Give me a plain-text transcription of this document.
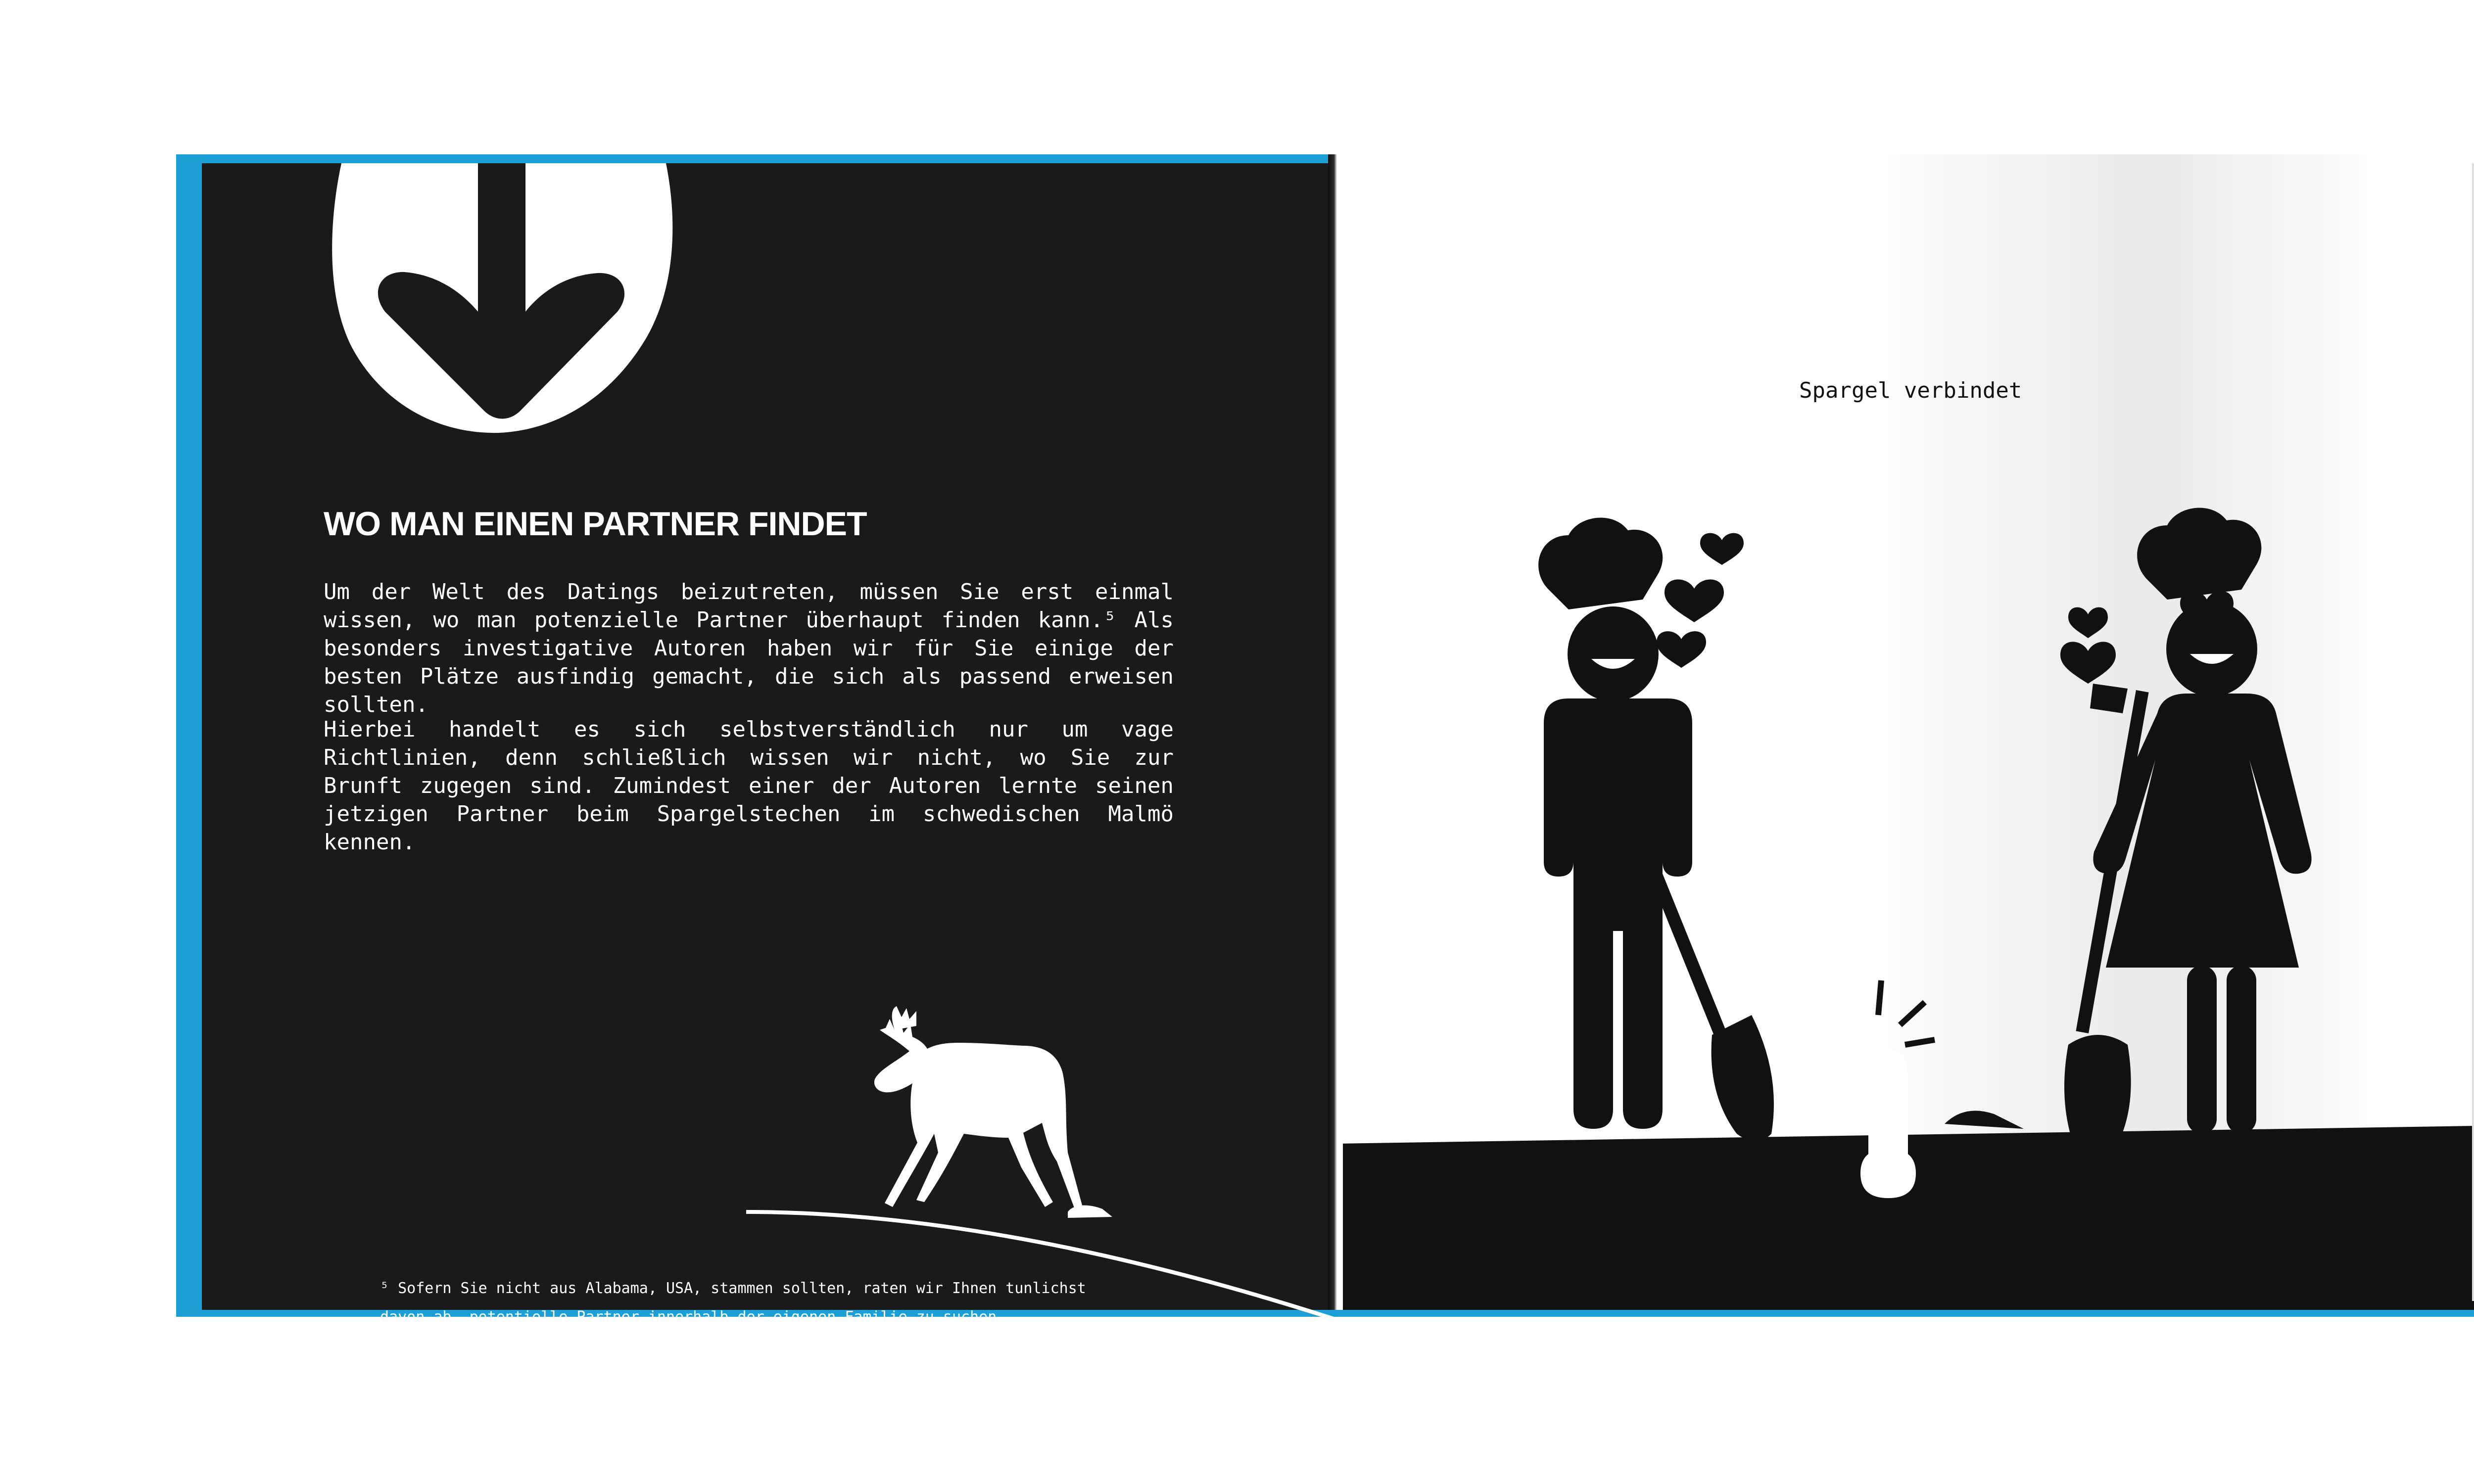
WO MAN EINEN PARTNER FINDET

Um der Welt des Datings beizutreten, müssen Sie erst einmal wissen, wo man potenzielle Partner überhaupt finden kann.⁵ Als besonders investigative Autoren haben wir für Sie einige der besten Plätze ausfindig gemacht, die sich als passend erweisen sollten.

Hierbei handelt es sich selbstverständlich nur um vage Richtlinien, denn schließlich wissen wir nicht, wo Sie zur Brunft zugegen sind. Zumindest einer der Autoren lernte seinen jetzigen Partner beim Spargelstechen im schwedischen Malmö kennen.

⁵ Sofern Sie nicht aus Alabama, USA, stammen sollten, raten wir Ihnen tunlichst
davon ab, potentielle Partner innerhalb der eigenen Familie zu suchen.
24
Spargel verbindet
